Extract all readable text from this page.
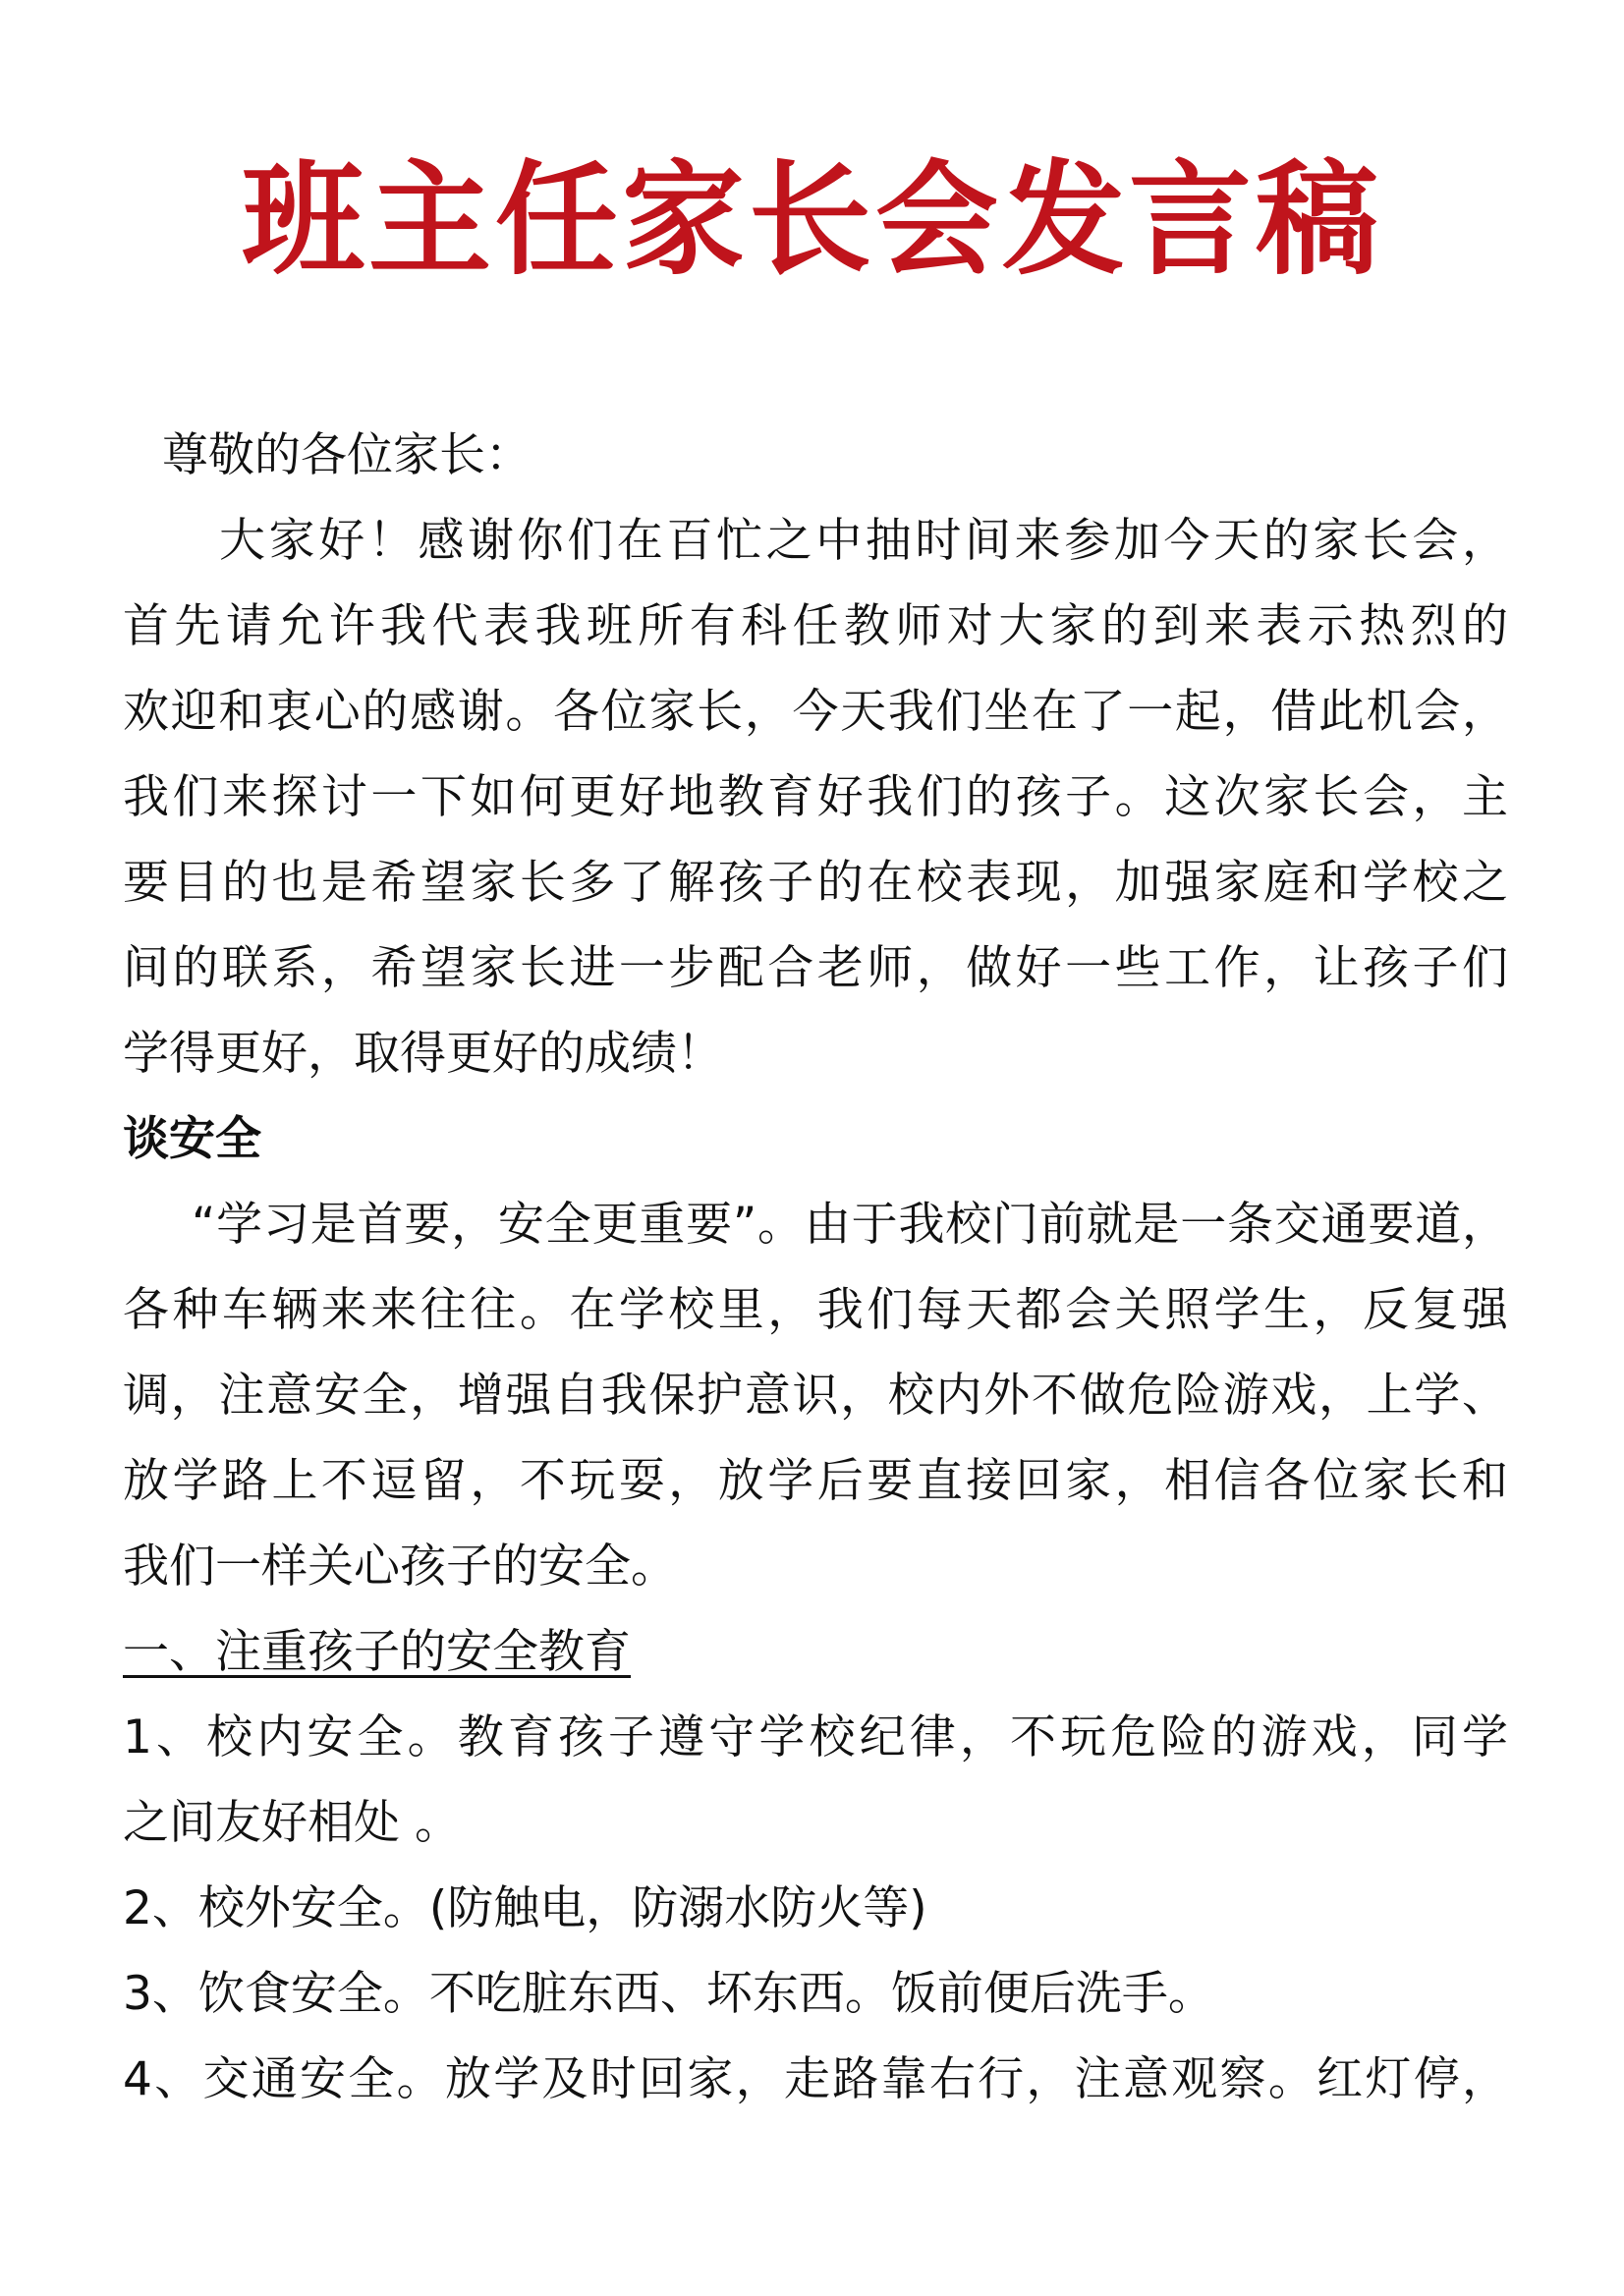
班主任家长会发言稿
尊敬的各位家长：
大家好！感谢你们在百忙之中抽时间来参加今天的家长会，
首先请允许我代表我班所有科任教师对大家的到来表示热烈的
欢迎和衷心的感谢。各位家长，今天我们坐在了一起，借此机会，
我们来探讨一下如何更好地教育好我们的孩子。这次家长会，主
要目的也是希望家长多了解孩子的在校表现，加强家庭和学校之
间的联系，希望家长进一步配合老师，做好一些工作，让孩子们
学得更好，取得更好的成绩！
谈安全
“学习是首要，安全更重要”。由于我校门前就是一条交通要道，
各种车辆来来往往。在学校里，我们每天都会关照学生，反复强
调，注意安全，增强自我保护意识，校内外不做危险游戏，上学、
放学路上不逗留，不玩耍，放学后要直接回家，相信各位家长和
我们一样关心孩子的安全。
一、注重孩子的安全教育
1、校内安全。教育孩子遵守学校纪律，不玩危险的游戏，同学
之间友好相处 。
2、校外安全。(防触电，防溺水防火等)
3、饮食安全。不吃脏东西、坏东西。饭前便后洗手。
4、交通安全。放学及时回家，走路靠右行，注意观察。红灯停，
